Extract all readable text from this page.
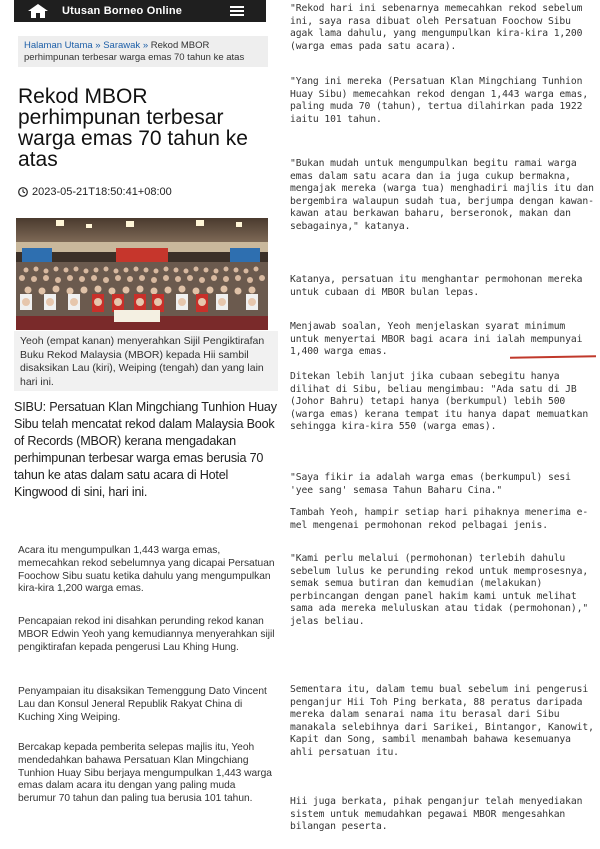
Utusan Borneo Online
Halaman Utama » Sarawak » Rekod MBOR perhimpunan terbesar warga emas 70 tahun ke atas
Rekod MBOR perhimpunan terbesar warga emas 70 tahun ke atas
2023-05-21T18:50:41+08:00
Yeoh (empat kanan) menyerahkan Sijil Pengiktirafan Buku Rekod Malaysia (MBOR) kepada Hii sambil disaksikan Lau (kiri), Weiping (tengah) dan yang lain hari ini.

SIBU: Persatuan Klan Mingchiang Tunhion Huay Sibu telah mencatat rekod dalam Malaysia Book of Records (MBOR) kerana mengadakan perhimpunan terbesar warga emas berusia 70 tahun ke atas dalam satu acara di Hotel Kingwood di sini, hari ini.

Acara itu mengumpulkan 1,443 warga emas, memecahkan rekod sebelumnya yang dicapai Persatuan Foochow Sibu suatu ketika dahulu yang mengumpulkan kira-kira 1,200 warga emas.

Pencapaian rekod ini disahkan perunding rekod kanan MBOR Edwin Yeoh yang kemudiannya menyerahkan sijil pengiktirafan kepada pengerusi Lau Khing Hung.

Penyampaian itu disaksikan Temenggung Dato Vincent Lau dan Konsul Jeneral Republik Rakyat China di Kuching Xing Weiping.

Bercakap kepada pemberita selepas majlis itu, Yeoh mendedahkan bahawa Persatuan Klan Mingchiang Tunhion Huay Sibu berjaya mengumpulkan 1,443 warga emas dalam acara itu dengan yang paling muda berumur 70 tahun dan paling tua berusia 101 tahun.

"Rekod hari ini sebenarnya memecahkan rekod sebelum ini, saya rasa dibuat oleh Persatuan Foochow Sibu agak lama dahulu, yang mengumpulkan kira-kira 1,200 (warga emas pada satu acara).

"Yang ini mereka (Persatuan Klan Mingchiang Tunhion Huay Sibu) memecahkan rekod dengan 1,443 warga emas, paling muda 70 (tahun), tertua dilahirkan pada 1922 iaitu 101 tahun.

"Bukan mudah untuk mengumpulkan begitu ramai warga emas dalam satu acara dan ia juga cukup bermakna, mengajak mereka (warga tua) menghadiri majlis itu dan bergembira walaupun sudah tua, berjumpa dengan kawan-kawan atau berkawan baharu, berseronok, makan dan sebagainya," katanya.

Katanya, persatuan itu menghantar permohonan mereka untuk cubaan di MBOR bulan lepas.

Menjawab soalan, Yeoh menjelaskan syarat minimum untuk menyertai MBOR bagi acara ini ialah mempunyai 1,400 warga emas.

Ditekan lebih lanjut jika cubaan sebegitu hanya dilihat di Sibu, beliau mengimbau: "Ada satu di JB (Johor Bahru) tetapi hanya (berkumpul) lebih 500 (warga emas) kerana tempat itu hanya dapat memuatkan sehingga kira-kira 550 (warga emas).

"Saya fikir ia adalah warga emas (berkumpul) sesi 'yee sang' semasa Tahun Baharu Cina."

Tambah Yeoh, hampir setiap hari pihaknya menerima e-mel mengenai permohonan rekod pelbagai jenis.

"Kami perlu melalui (permohonan) terlebih dahulu sebelum lulus ke perunding rekod untuk memprosesnya, semak semua butiran dan kemudian (melakukan) perbincangan dengan panel hakim kami untuk melihat sama ada mereka meluluskan atau tidak (permohonan)," jelas beliau.

Sementara itu, dalam temu bual sebelum ini pengerusi penganjur Hii Toh Ping berkata, 88 peratus daripada mereka dalam senarai nama itu berasal dari Sibu manakala selebihnya dari Sarikei, Bintangor, Kanowit, Kapit dan Song, sambil menambah bahawa kesemuanya ahli persatuan itu.

Hii juga berkata, pihak penganjur telah menyediakan sistem untuk memudahkan pegawai MBOR mengesahkan bilangan peserta.
